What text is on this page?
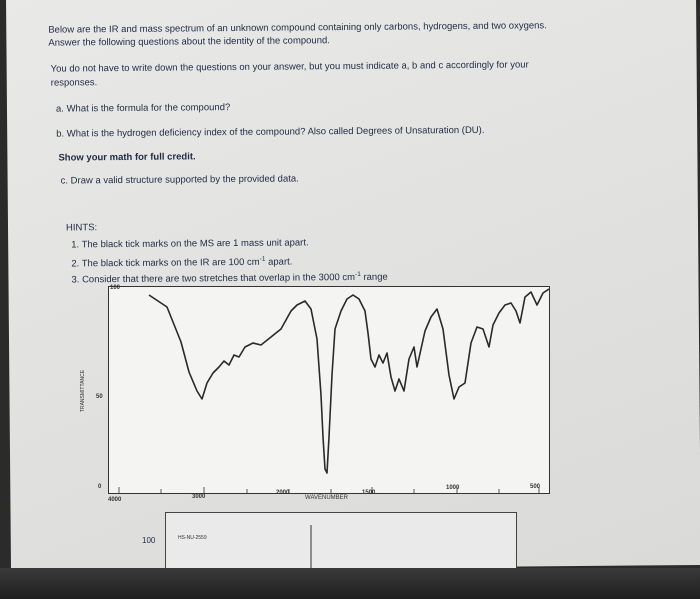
Below are the IR and mass spectrum of an unknown compound containing only carbons, hydrogens, and two oxygens.
Answer the following questions about the identity of the compound.
You do not have to write down the questions on your answer, but you must indicate a, b and c accordingly for your
responses.
a. What is the formula for the compound?
b. What is the hydrogen deficiency index of the compound? Also called Degrees of Unsaturation (DU).
Show your math for full credit.
c. Draw a valid structure supported by the provided data.
HINTS:
1. The black tick marks on the MS are 1 mass unit apart.
2. The black tick marks on the IR are 100 $cm^{-1}$ apart.
3. Consider that there are two stretches that overlap in the 3000 $cm^{-1}$ range
100
50
TRANSMITTANCE
0
4000	3000
2000
WAVENUMBER
1500
1000	500
HS-NU-2559
100
